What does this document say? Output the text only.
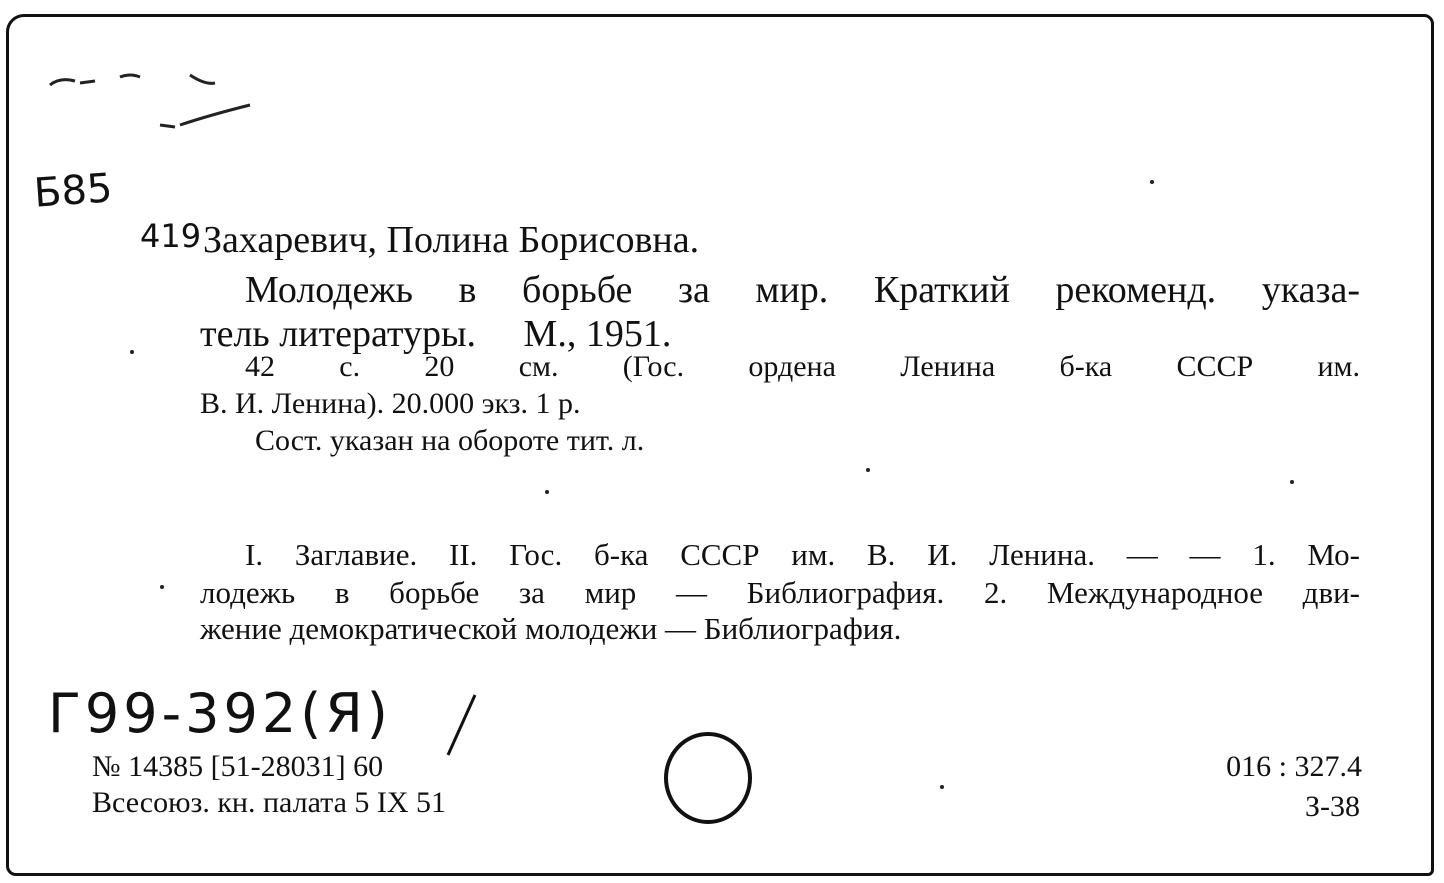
Б85
419 Захаревич, Полина Борисовна.
Молодежь в борьбе за мир. Краткий рекоменд. указа-
тель литературы.     М., 1951.
42 с. 20 см. (Гос. ордена Ленина б-ка СССР им.
В. И. Ленина). 20.000 экз. 1 р.
Сост. указан на обороте тит. л.
I. Заглавие. II. Гос. б-ка СССР им. В. И. Ленина. — — 1. Мо-
лодежь в борьбе за мир — Библиография. 2. Международное дви-
жение демократической молодежи — Библиография.
Г99-392(Я)
№ 14385 [51-28031] 60
Всесоюз. кн. палата 5 IX 51
016 : 327.4
З-38
